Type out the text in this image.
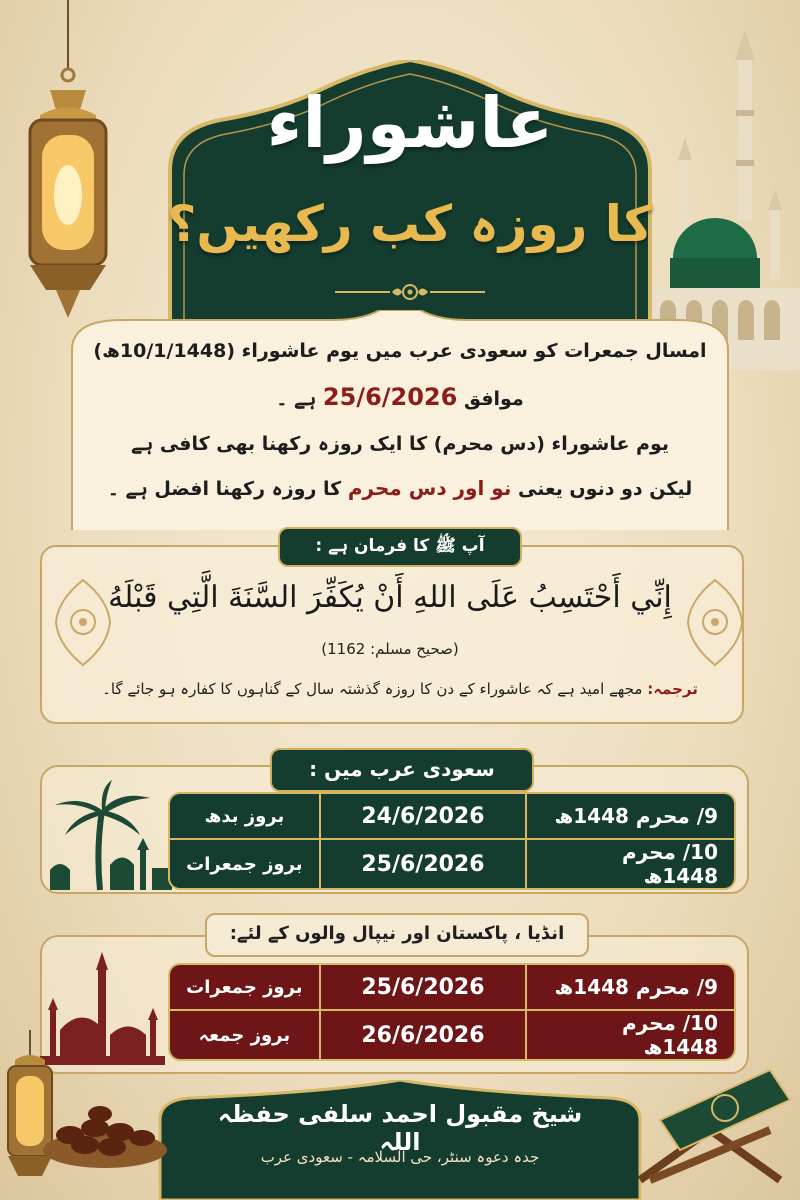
عاشوراء
کا روزہ کب رکھیں؟
امسال جمعرات کو سعودی عرب میں یوم عاشوراء (10/1/1448ھ)
موافق 25/6/2026 ہے ۔
یوم عاشوراء (دس محرم) کا ایک روزہ رکھنا بھی کافی ہے
لیکن دو دنوں یعنی نو اور دس محرم کا روزہ رکھنا افضل ہے ۔
آپ ﷺ کا فرمان ہے :
إِنِّي أَحْتَسِبُ عَلَى اللهِ أَنْ يُكَفِّرَ السَّنَةَ الَّتِي قَبْلَهُ
(صحیح مسلم: 1162)
ترجمہ: مجھے امید ہے کہ عاشوراء کے دن کا روزہ گذشتہ سال کے گناہوں کا کفارہ ہو جائے گا۔
سعودی عرب میں :
9/ محرم 1448ھ	24/6/2026	بروز بدھ
10/ محرم 1448ھ	25/6/2026	بروز جمعرات
انڈیا ، پاکستان اور نیپال والوں کے لئے:
9/ محرم 1448ھ	25/6/2026	بروز جمعرات
10/ محرم 1448ھ	26/6/2026	بروز جمعہ
شیخ مقبول احمد سلفی حفظہ اللہ
جدہ دعوہ سنٹر، حی السلامہ - سعودی عرب
